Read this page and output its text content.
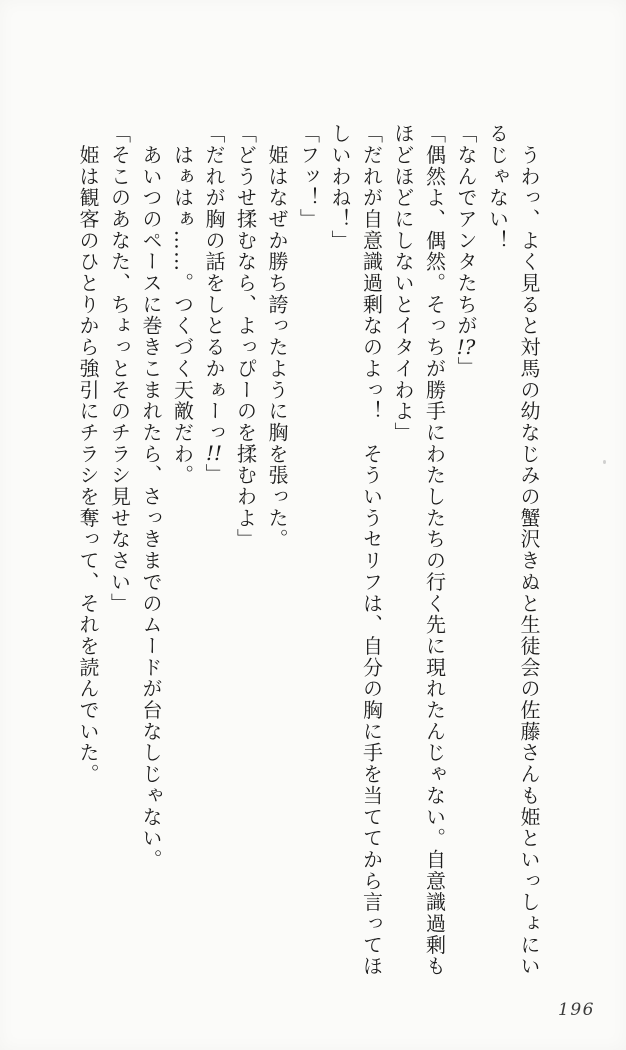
　うわっ、よく見ると対馬の幼なじみの蟹沢きぬと生徒会の佐藤さんも姫といっしょにいるじゃない！

「なんでアンタたちが!?」

「偶然よ、偶然。そっちが勝手にわたしたちの行く先に現れたんじゃない。自意識過剰もほどほどにしないとイタイわよ」

「だれが自意識過剰なのよっ！　そういうセリフは、自分の胸に手を当ててから言ってほしいわね！」

「フッ！」

　姫はなぜか勝ち誇ったように胸を張った。

「どうせ揉むなら、よっぴーのを揉むわよ」

「だれが胸の話をしとるかぁーっ!!」

　はぁはぁ……。つくづく天敵だわ。

　あいつのペースに巻きこまれたら、さっきまでのムードが台なしじゃない。

「そこのあなた、ちょっとそのチラシ見せなさい」

　姫は観客のひとりから強引にチラシを奪って、それを読んでいた。

196
